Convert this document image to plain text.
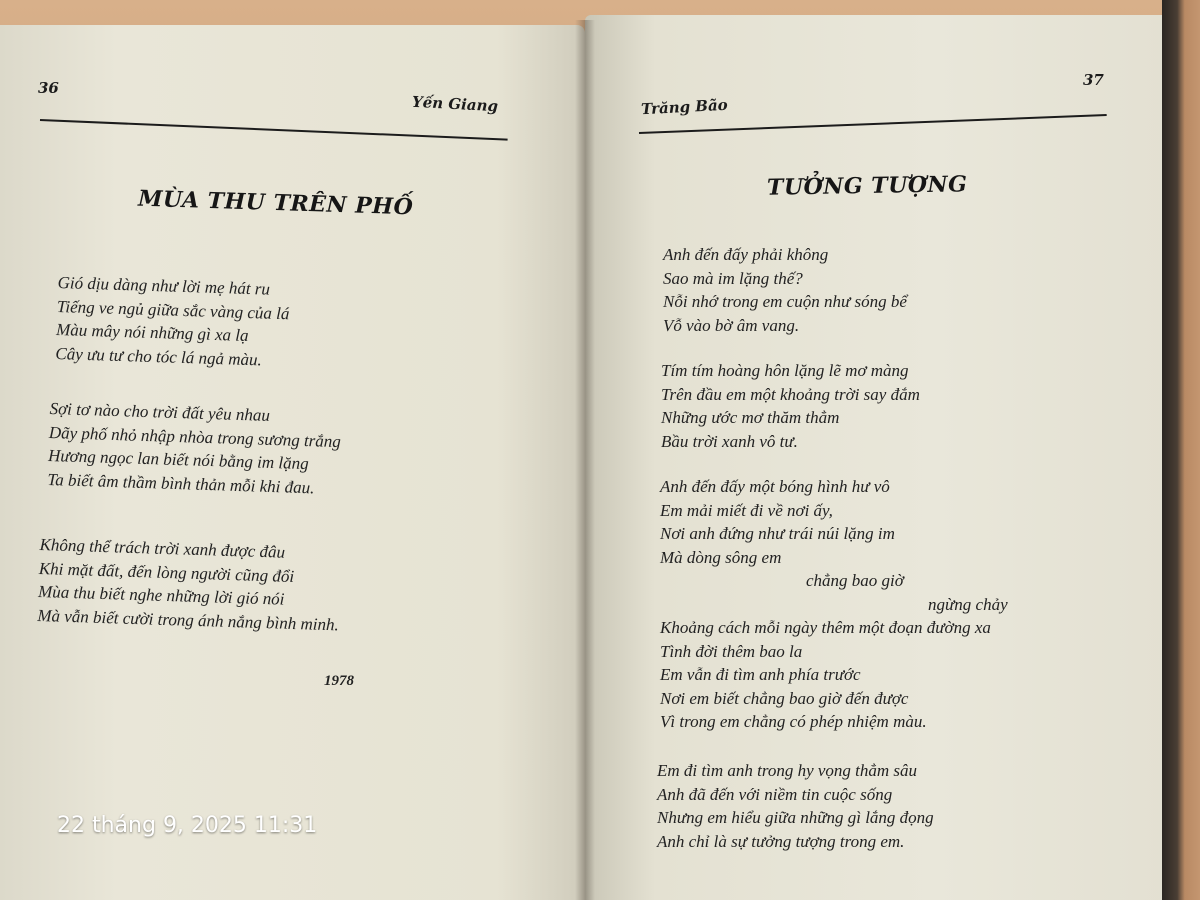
36
Yến Giang
MÙA THU TRÊN PHỐ
Gió dịu dàng như lời mẹ hát ru
Tiếng ve ngủ giữa sắc vàng của lá
Màu mây nói những gì xa lạ
Cây ưu tư cho tóc lá ngả màu.
Sợi tơ nào cho trời đất yêu nhau
Dãy phố nhỏ nhập nhòa trong sương trắng
Hương ngọc lan biết nói bằng im lặng
Ta biết âm thầm bình thản mỗi khi đau.
Không thể trách trời xanh được đâu
Khi mặt đất, đến lòng người cũng đổi
Mùa thu biết nghe những lời gió nói
Mà vẫn biết cười trong ánh nắng bình minh.
1978
Trăng Bão
37
TƯỞNG TƯỢNG
Anh đến đấy phải không
Sao mà im lặng thế?
Nỗi nhớ trong em cuộn như sóng bể
Vỗ vào bờ âm vang.
Tím tím hoàng hôn lặng lẽ mơ màng
Trên đầu em một khoảng trời say đắm
Những ước mơ thăm thẳm
Bầu trời xanh vô tư.
Anh đến đấy một bóng hình hư vô
Em mải miết đi về nơi ấy,
Nơi anh đứng như trái núi lặng im
Mà dòng sông em
chẳng bao giờ
ngừng chảy
Khoảng cách mỗi ngày thêm một đoạn đường xa
Tình đời thêm bao la
Em vẫn đi tìm anh phía trước
Nơi em biết chẳng bao giờ đến được
Vì trong em chẳng có phép nhiệm màu.
Em đi tìm anh trong hy vọng thẳm sâu
Anh đã đến với niềm tin cuộc sống
Nhưng em hiểu giữa những gì lắng đọng
Anh chỉ là sự tưởng tượng trong em.
22 tháng 9, 2025 11:31
